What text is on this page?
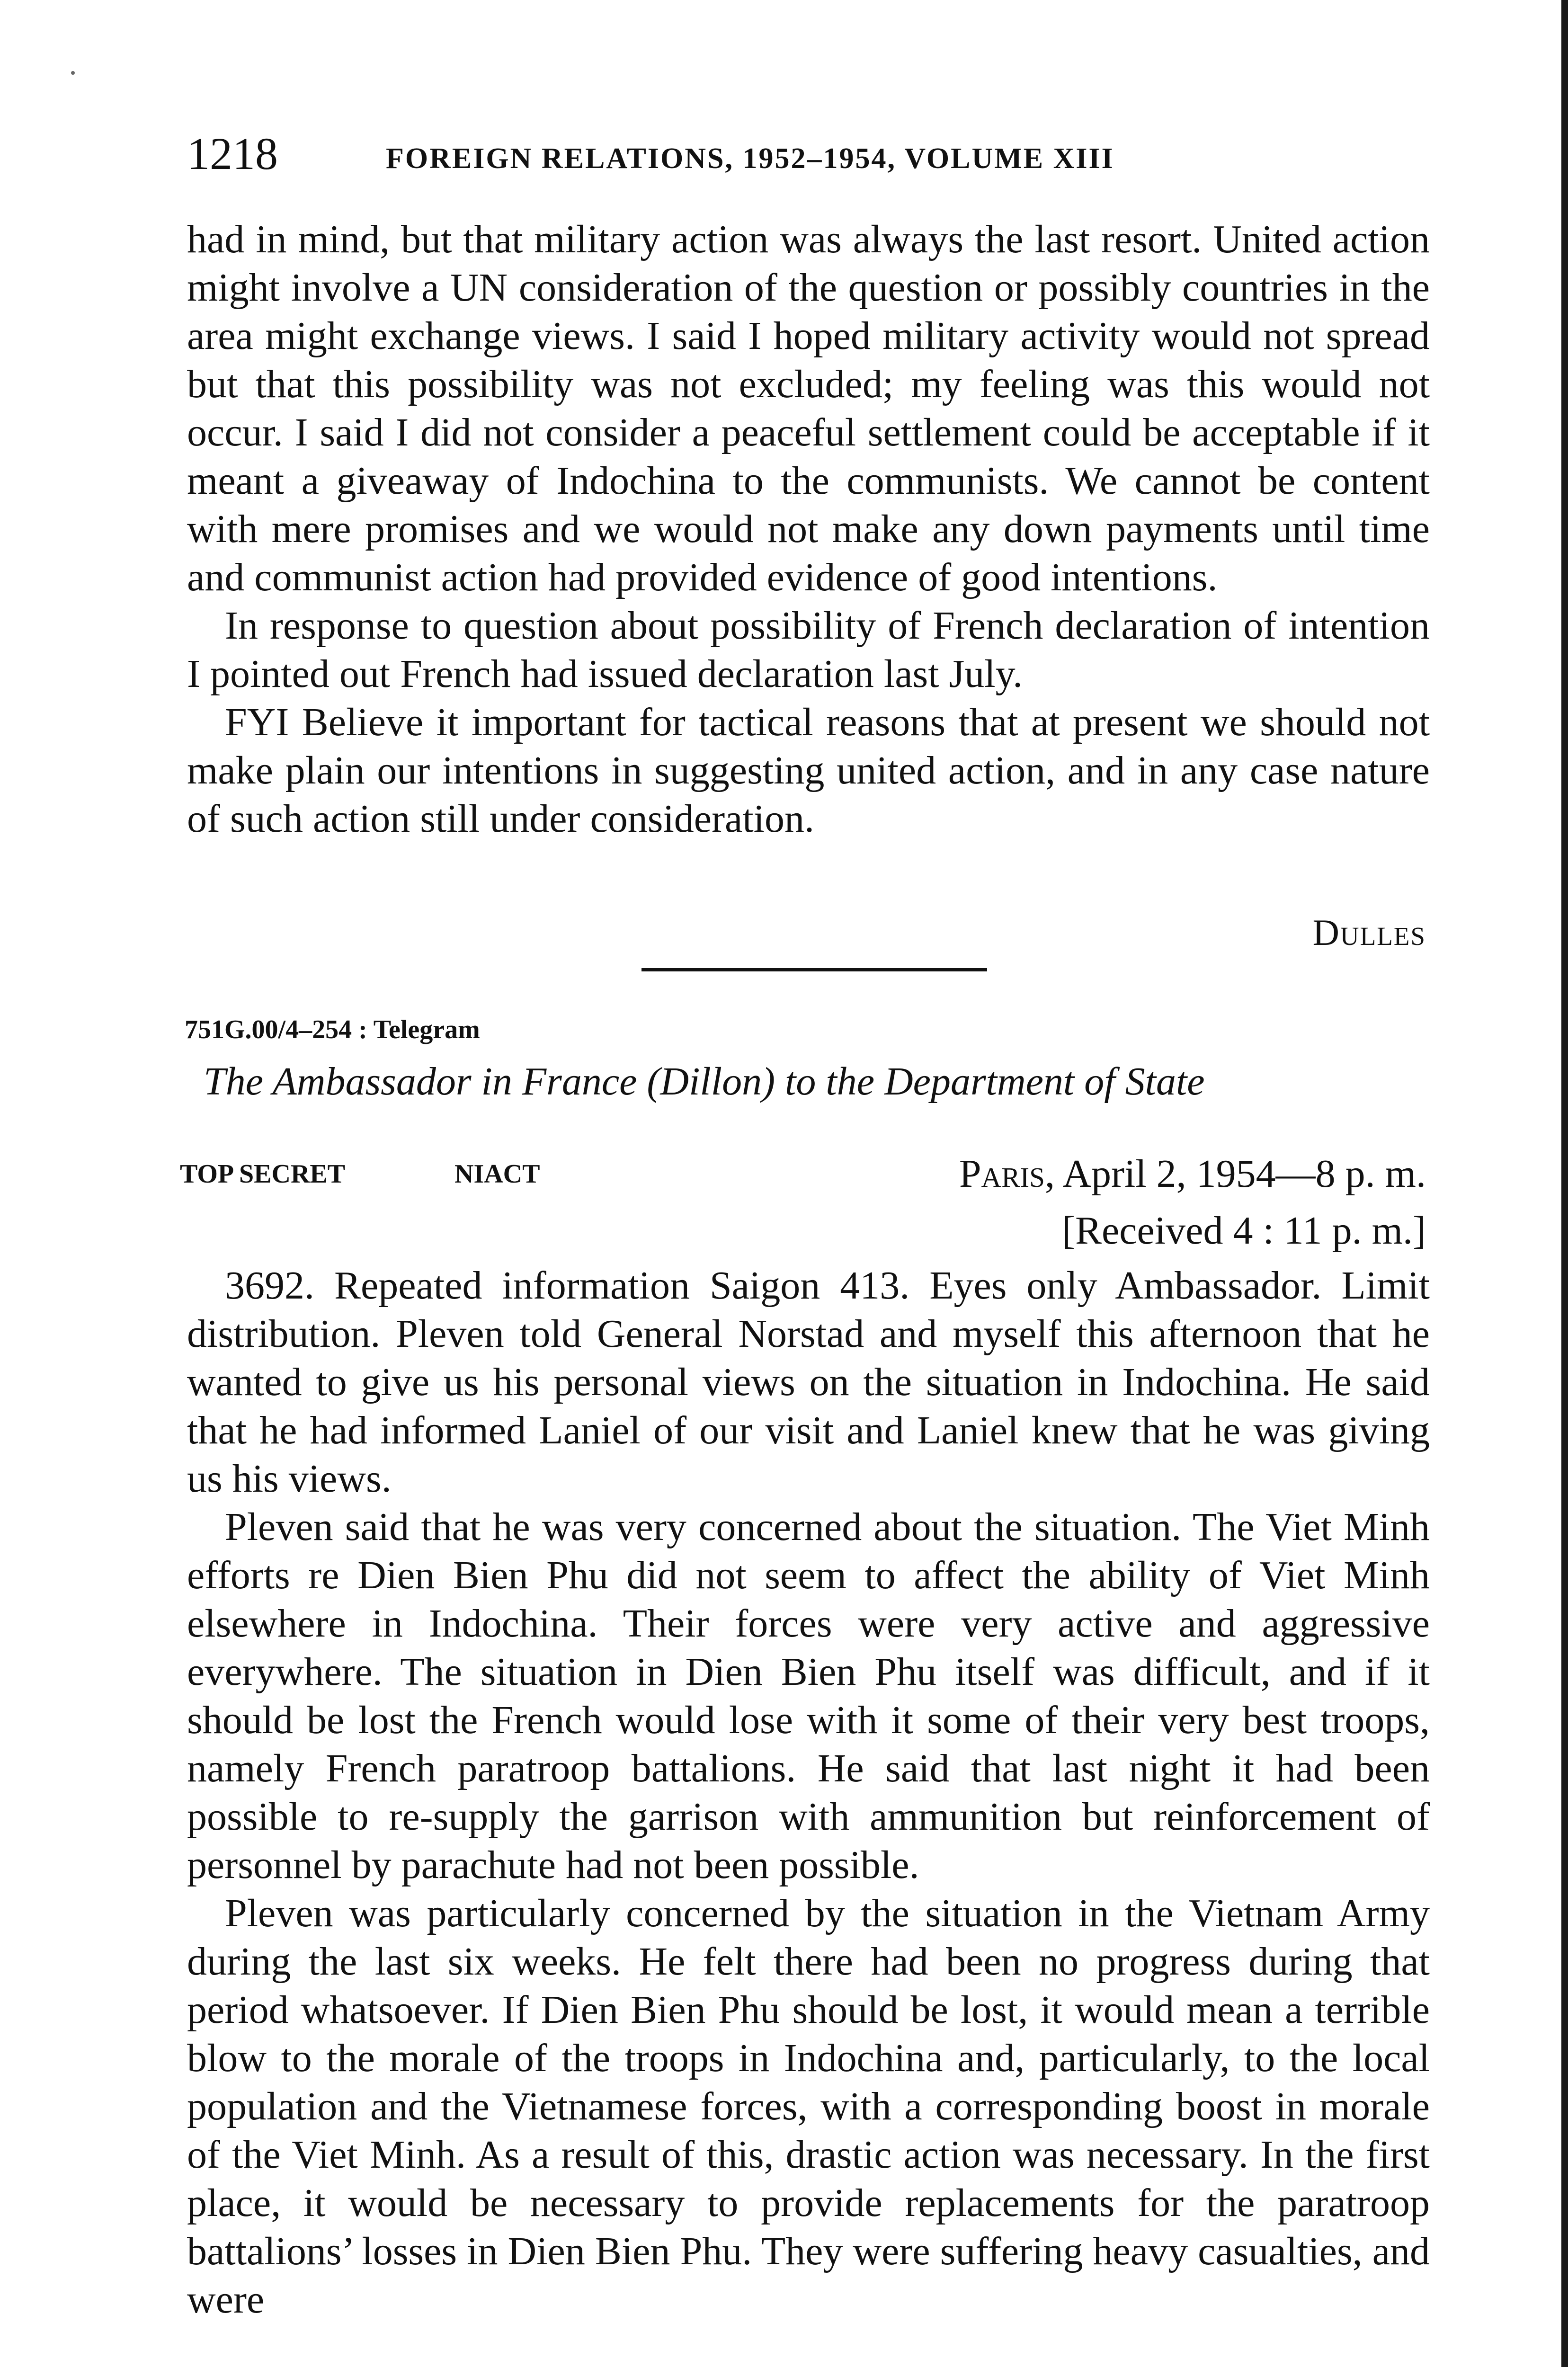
1218	FOREIGN RELATIONS, 1952–1954, VOLUME XIII

had in mind, but that military action was always the last resort. United action might involve a UN consideration of the question or possibly countries in the area might exchange views. I said I hoped military activity would not spread but that this possibility was not excluded; my feeling was this would not occur. I said I did not consider a peaceful settlement could be acceptable if it meant a giveaway of Indochina to the communists. We cannot be content with mere promises and we would not make any down payments until time and communist action had provided evidence of good intentions.

In response to question about possibility of French declaration of intention I pointed out French had issued declaration last July.

FYI Believe it important for tactical reasons that at present we should not make plain our intentions in suggesting united action, and in any case nature of such action still under consideration.

Dulles
751G.00/4–254 : Telegram
The Ambassador in France (Dillon) to the Department of State
TOP SECRET	NIACT	Paris, April 2, 1954—8 p. m.
[Received 4 : 11 p. m.]

3692. Repeated information Saigon 413. Eyes only Ambassador. Limit distribution. Pleven told General Norstad and myself this afternoon that he wanted to give us his personal views on the situation in Indochina. He said that he had informed Laniel of our visit and Laniel knew that he was giving us his views.

Pleven said that he was very concerned about the situation. The Viet Minh efforts re Dien Bien Phu did not seem to affect the ability of Viet Minh elsewhere in Indochina. Their forces were very active and aggressive everywhere. The situation in Dien Bien Phu itself was difficult, and if it should be lost the French would lose with it some of their very best troops, namely French paratroop battalions. He said that last night it had been possible to re-supply the garrison with ammunition but reinforcement of personnel by parachute had not been possible.

Pleven was particularly concerned by the situation in the Vietnam Army during the last six weeks. He felt there had been no progress during that period whatsoever. If Dien Bien Phu should be lost, it would mean a terrible blow to the morale of the troops in Indochina and, particularly, to the local population and the Vietnamese forces, with a corresponding boost in morale of the Viet Minh. As a result of this, drastic action was necessary. In the first place, it would be necessary to provide replacements for the paratroop battalions’ losses in Dien Bien Phu. They were suffering heavy casualties, and were
